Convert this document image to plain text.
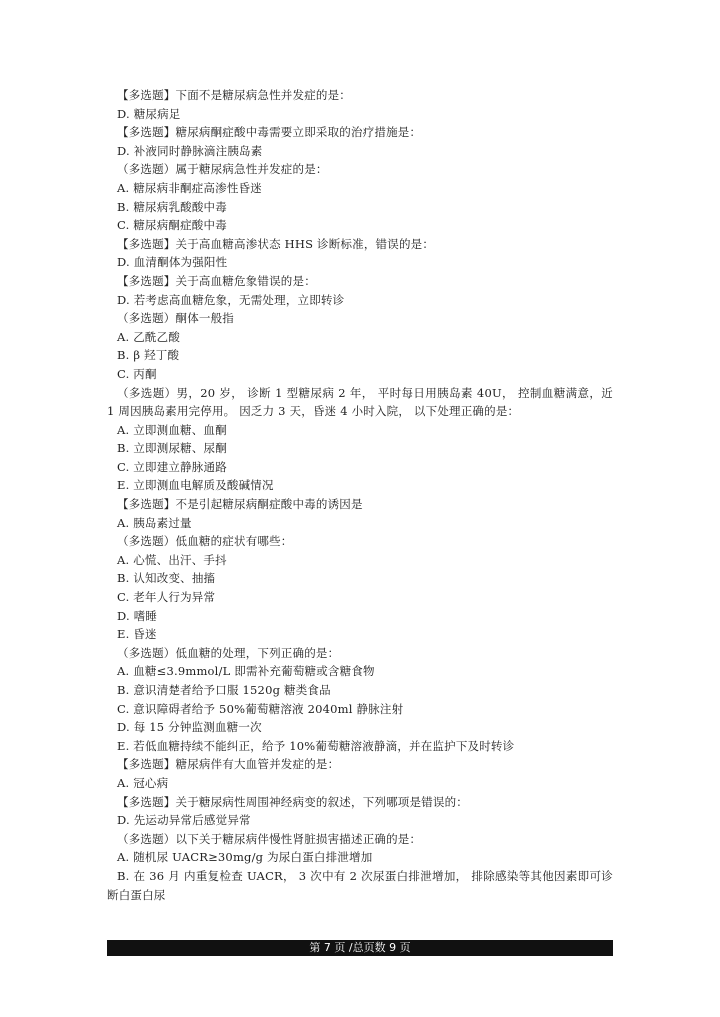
【多选题】下面不是糖尿病急性并发症的是：
D. 糖尿病足
【多选题】糖尿病酮症酸中毒需要立即采取的治疗措施是：
D. 补液同时静脉滴注胰岛素
（多选题）属于糖尿病急性并发症的是：
A. 糖尿病非酮症高渗性昏迷
B. 糖尿病乳酸酸中毒
C. 糖尿病酮症酸中毒
【多选题】关于高血糖高渗状态 HHS 诊断标准，错误的是：
D. 血清酮体为强阳性
【多选题】关于高血糖危象错误的是：
D. 若考虑高血糖危象，无需处理，立即转诊
（多选题）酮体一般指
A. 乙酰乙酸
B. β 羟丁酸
C. 丙酮
（多选题）男，20 岁， 诊断 1 型糖尿病 2 年， 平时每日用胰岛素 40U， 控制血糖满意，近 1 周因胰岛素用完停用。 因乏力 3 天，昏迷 4 小时入院， 以下处理正确的是：
A. 立即测血糖、血酮
B. 立即测尿糖、尿酮
C. 立即建立静脉通路
E. 立即测血电解质及酸碱情况
【多选题】不是引起糖尿病酮症酸中毒的诱因是
A. 胰岛素过量
（多选题）低血糖的症状有哪些：
A. 心慌、出汗、手抖
B. 认知改变、抽搐
C. 老年人行为异常
D. 嗜睡
E. 昏迷
（多选题）低血糖的处理，下列正确的是：
A. 血糖≤3.9mmol/L 即需补充葡萄糖或含糖食物
B. 意识清楚者给予口服 1520g 糖类食品
C. 意识障碍者给予 50%葡萄糖溶液 2040ml 静脉注射
D. 每 15 分钟监测血糖一次
E. 若低血糖持续不能纠正，给予 10%葡萄糖溶液静滴，并在监护下及时转诊
【多选题】糖尿病伴有大血管并发症的是：
A. 冠心病
【多选题】关于糖尿病性周围神经病变的叙述，下列哪项是错误的：
D. 先运动异常后感觉异常
（多选题）以下关于糖尿病伴慢性肾脏损害描述正确的是：
A. 随机尿 UACR≥30mg/g 为尿白蛋白排泄增加
B. 在 36 月 内重复检查 UACR， 3 次中有 2 次尿蛋白排泄增加， 排除感染等其他因素即可诊断白蛋白尿
第 7 页 /总页数 9 页
